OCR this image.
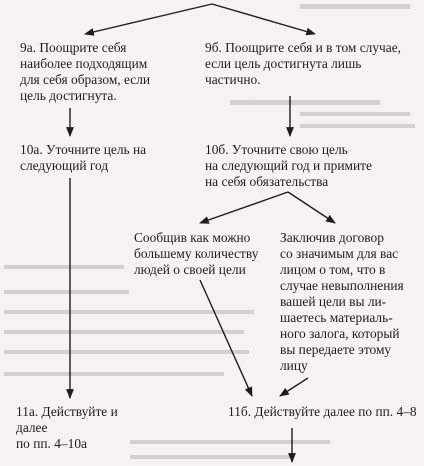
9а. Поощрите себя
наиболее подходящим
для себя образом, если
цель достигнута.
9б. Поощрите себя и в том случае,
если цель достигнута лишь
частично.
10а. Уточните цель на
следующий год
10б. Уточните свою цель
на следующий год и примите
на себя обязательства
Сообщив как можно
большему количеству
людей о своей цели
Заключив договор
со значимым для вас
лицом о том, что в
случае невыполнения
вашей цели вы ли-
шаетесь материаль-
ного залога, который
вы передаете этому
лицу
11а. Действуйте и далее
по пп. 4–10а
11б. Действуйте далее по пп. 4–8
